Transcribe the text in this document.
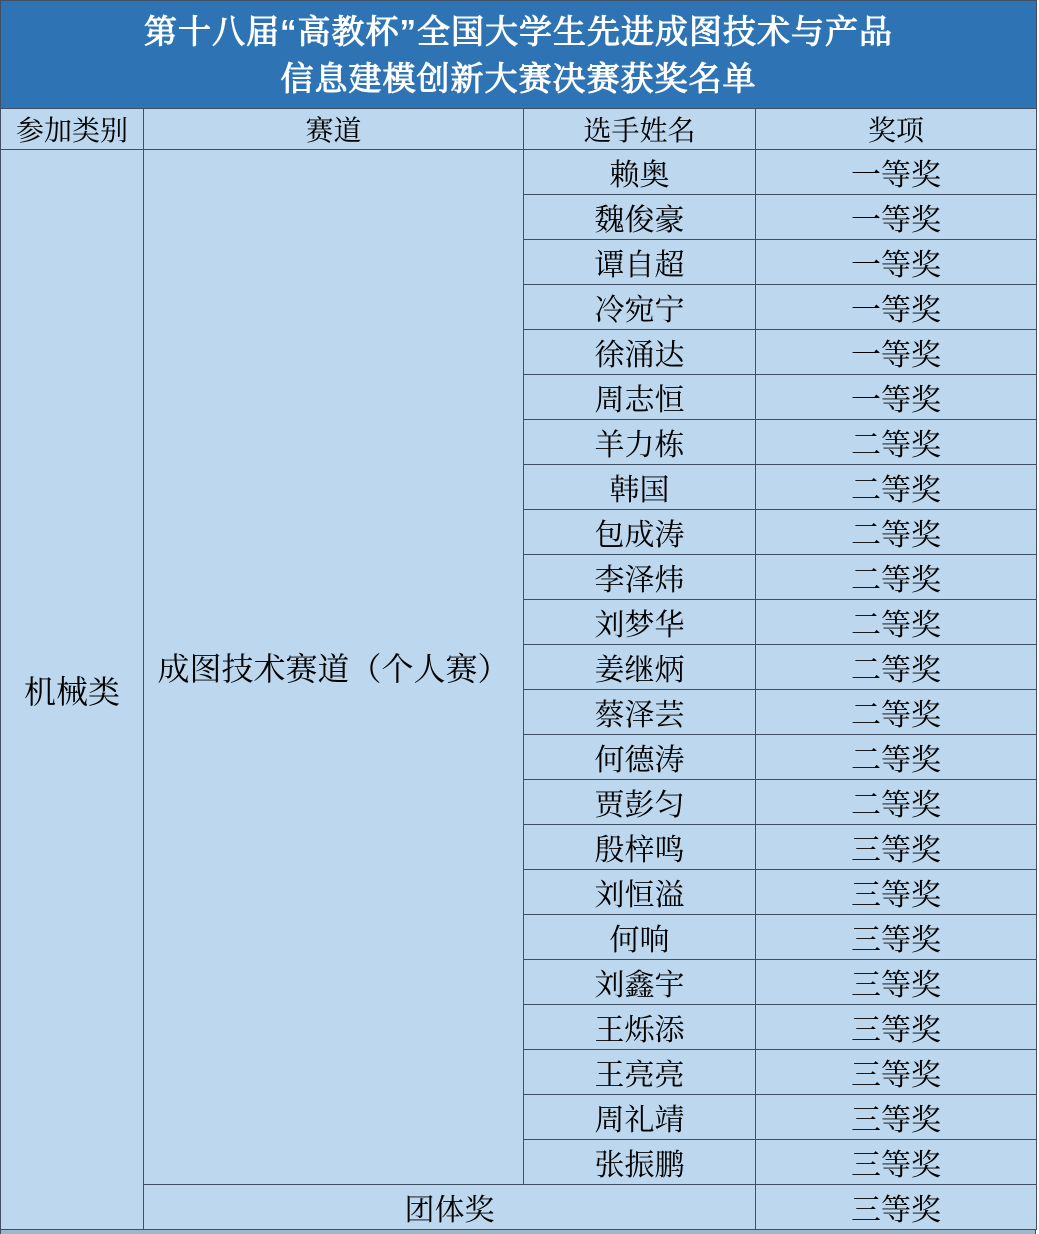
第十八届“高教杯”全国大学生先进成图技术与产品
信息建模创新大赛决赛获奖名单			

参加类别	赛道	选手姓名	奖项
机械类	成图技术赛道（个人赛）	赖奥	一等奖
		魏俊豪	一等奖
		谭自超	一等奖
		冷宛宁	一等奖
		徐涌达	一等奖
		周志恒	一等奖
		羊力栋	二等奖
		韩国	二等奖
		包成涛	二等奖
		李泽炜	二等奖
		刘梦华	二等奖
		姜继炳	二等奖
		蔡泽芸	二等奖
		何德涛	二等奖
		贾彭匀	二等奖
		殷梓鸣	三等奖
		刘恒溢	三等奖
		何响	三等奖
		刘鑫宇	三等奖
		王烁添	三等奖
		王亮亮	三等奖
		周礼靖	三等奖
		张振鹏	三等奖
	团体奖		三等奖
